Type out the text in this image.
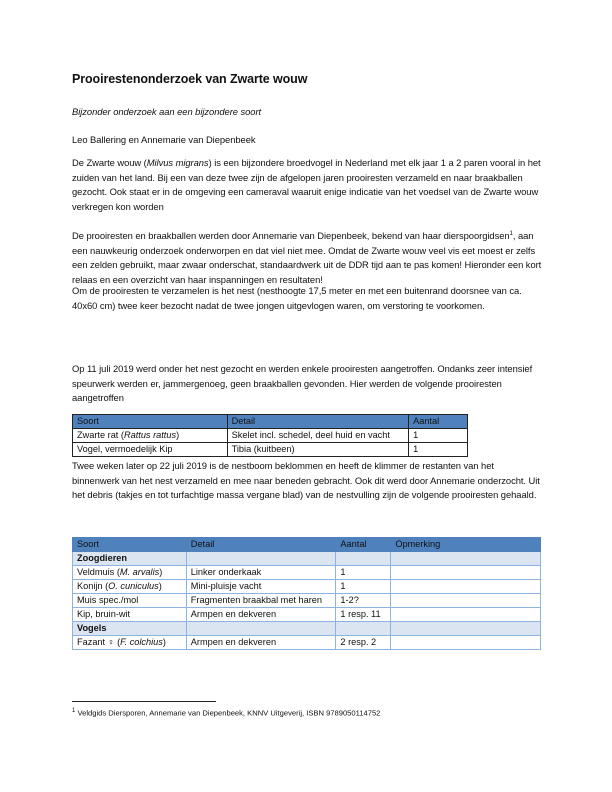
Prooirestenonderzoek van Zwarte wouw
Bijzonder onderzoek aan een bijzondere soort
Leo Ballering en Annemarie van Diepenbeek
De Zwarte wouw (Milvus migrans) is een bijzondere broedvogel in Nederland met elk jaar 1 a 2 paren vooral in het zuiden van het land. Bij een van deze twee zijn de afgelopen jaren prooiresten verzameld en naar braakballen gezocht. Ook staat er in de omgeving een cameraval waaruit enige indicatie van het voedsel van de Zwarte wouw verkregen kon worden
De prooiresten en braakballen werden door Annemarie van Diepenbeek, bekend van haar dierspoorgidsen$^1$, aan een nauwkeurig onderzoek onderworpen en dat viel niet mee. Omdat de Zwarte wouw veel vis eet moest er zelfs een zelden gebruikt, maar zwaar onderschat, standaardwerk uit de DDR tijd aan te pas komen! Hieronder een kort relaas en een overzicht van haar inspanningen en resultaten!
Om de prooiresten te verzamelen is het nest (nesthoogte 17,5 meter en met een buitenrand doorsnee van ca. 40x60 cm) twee keer bezocht nadat de twee jongen uitgevlogen waren, om verstoring te voorkomen.
Op 11 juli 2019 werd onder het nest gezocht en werden enkele prooiresten aangetroffen. Ondanks zeer intensief speurwerk werden er, jammergenoeg, geen braakballen gevonden. Hier werden de volgende prooiresten aangetroffen
Soort	Detail	Aantal
Zwarte rat (Rattus rattus)	Skelet incl. schedel, deel huid en vacht	1
Vogel, vermoedelijk Kip	Tibia (kuitbeen)	1
Twee weken later op 22 juli 2019 is de nestboom beklommen en heeft de klimmer de restanten van het binnenwerk van het nest verzameld en mee naar beneden gebracht. Ook dit werd door Annemarie onderzocht. Uit het debris (takjes en tot turfachtige massa vergane blad) van de nestvulling zijn de volgende prooiresten gehaald.
Soort	Detail	Aantal	Opmerking
Zoogdieren			
Veldmuis (M. arvalis)	Linker onderkaak	1	
Konijn (O. cuniculus)	Mini-pluisje vacht	1	
Muis spec./mol	Fragmenten braakbal met haren	1-2?	
Kip, bruin-wit	Armpen en dekveren	1 resp. 11	
Vogels			
Fazant ♀ (F. colchius)	Armpen en dekveren	2 resp. 2	
$^1$ Veldgids Diersporen, Annemarie van Diepenbeek, KNNV Uitgeverij, ISBN 9789050114752
